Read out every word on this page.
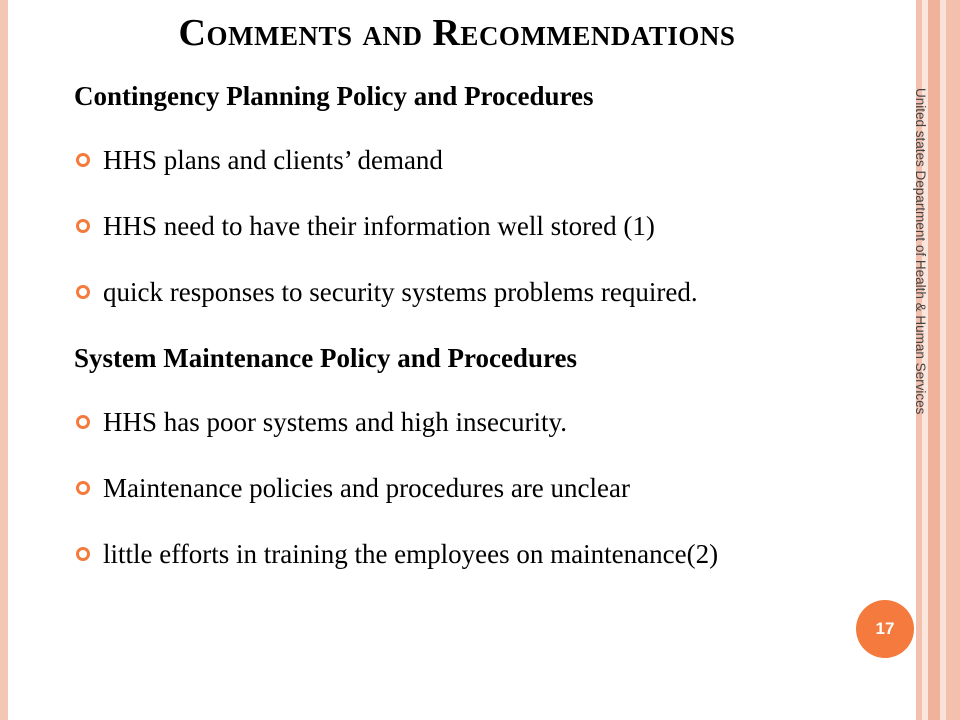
Comments and Recommendations
Contingency Planning Policy and Procedures
HHS plans and clients’ demand
HHS need to have their information well stored (1)
quick responses to security systems problems required.
System Maintenance Policy and Procedures
HHS has poor systems and high insecurity.
Maintenance policies and procedures are unclear
little efforts in training the employees on maintenance(2)
United states Department of Health & Human Services
17
